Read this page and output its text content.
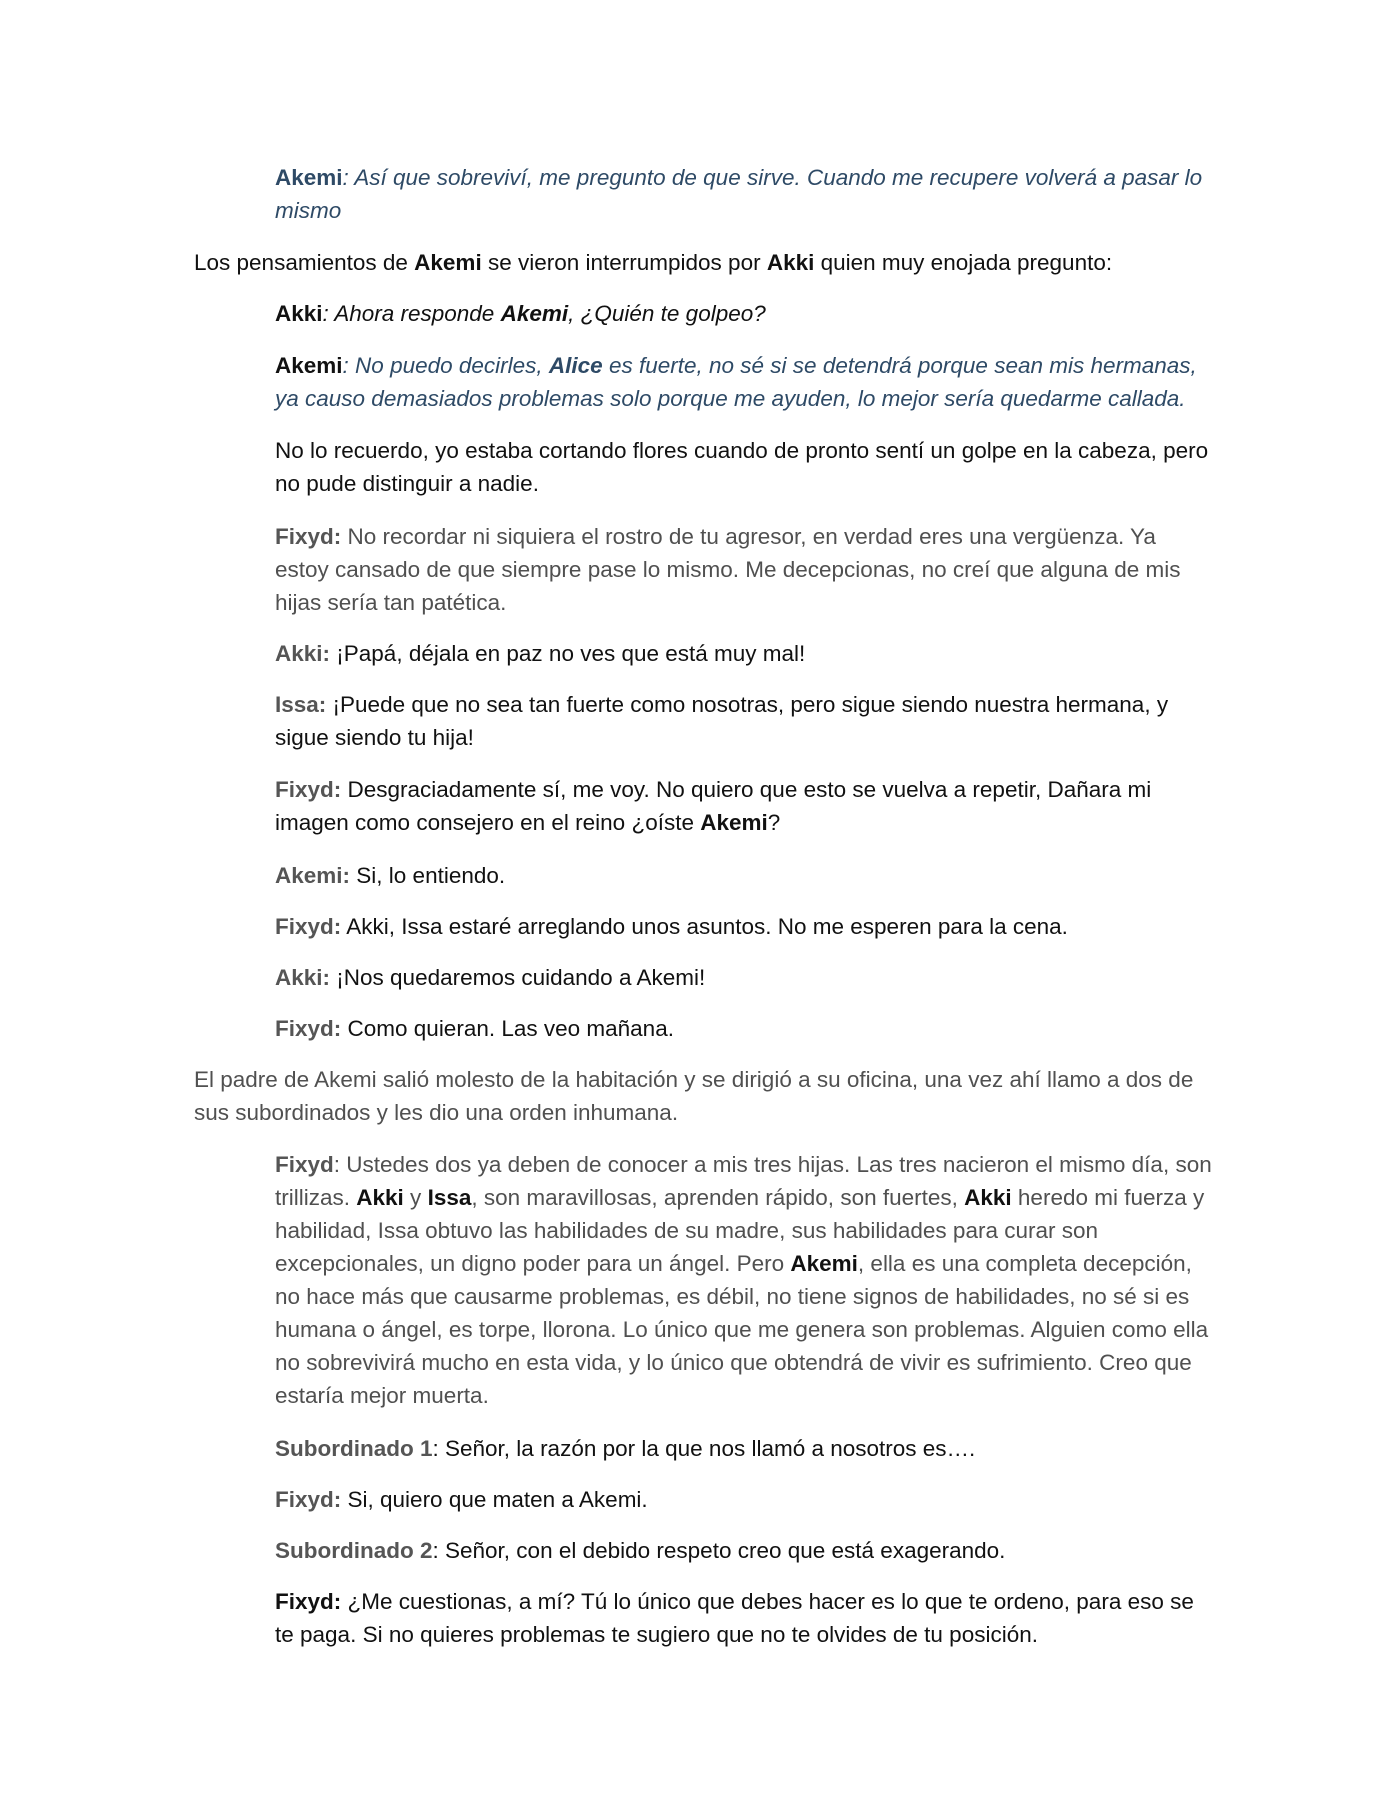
Akemi: Así que sobreviví, me pregunto de que sirve. Cuando me recupere volverá a pasar lo mismo

Los pensamientos de Akemi se vieron interrumpidos por Akki quien muy enojada pregunto:

Akki: Ahora responde Akemi, ¿Quién te golpeo?

Akemi: No puedo decirles, Alice es fuerte, no sé si se detendrá porque sean mis hermanas, ya causo demasiados problemas solo porque me ayuden, lo mejor sería quedarme callada.

No lo recuerdo, yo estaba cortando flores cuando de pronto sentí un golpe en la cabeza, pero no pude distinguir a nadie.

Fixyd: No recordar ni siquiera el rostro de tu agresor, en verdad eres una vergüenza. Ya estoy cansado de que siempre pase lo mismo. Me decepcionas, no creí que alguna de mis hijas sería tan patética.

Akki: ¡Papá, déjala en paz no ves que está muy mal!

Issa: ¡Puede que no sea tan fuerte como nosotras, pero sigue siendo nuestra hermana, y sigue siendo tu hija!

Fixyd: Desgraciadamente sí, me voy. No quiero que esto se vuelva a repetir, Dañara mi imagen como consejero en el reino ¿oíste Akemi?

Akemi: Si, lo entiendo.

Fixyd: Akki, Issa estaré arreglando unos asuntos. No me esperen para la cena.

Akki: ¡Nos quedaremos cuidando a Akemi!

Fixyd: Como quieran. Las veo mañana.

El padre de Akemi salió molesto de la habitación y se dirigió a su oficina, una vez ahí llamo a dos de sus subordinados y les dio una orden inhumana.

Fixyd: Ustedes dos ya deben de conocer a mis tres hijas. Las tres nacieron el mismo día, son trillizas. Akki y Issa, son maravillosas, aprenden rápido, son fuertes, Akki heredo mi fuerza y habilidad, Issa obtuvo las habilidades de su madre, sus habilidades para curar son excepcionales, un digno poder para un ángel. Pero Akemi, ella es una completa decepción, no hace más que causarme problemas, es débil, no tiene signos de habilidades, no sé si es humana o ángel, es torpe, llorona. Lo único que me genera son problemas. Alguien como ella no sobrevivirá mucho en esta vida, y lo único que obtendrá de vivir es sufrimiento. Creo que estaría mejor muerta.

Subordinado 1: Señor, la razón por la que nos llamó a nosotros es….

Fixyd: Si, quiero que maten a Akemi.

Subordinado 2: Señor, con el debido respeto creo que está exagerando.

Fixyd: ¿Me cuestionas, a mí? Tú lo único que debes hacer es lo que te ordeno, para eso se te paga. Si no quieres problemas te sugiero que no te olvides de tu posición.
